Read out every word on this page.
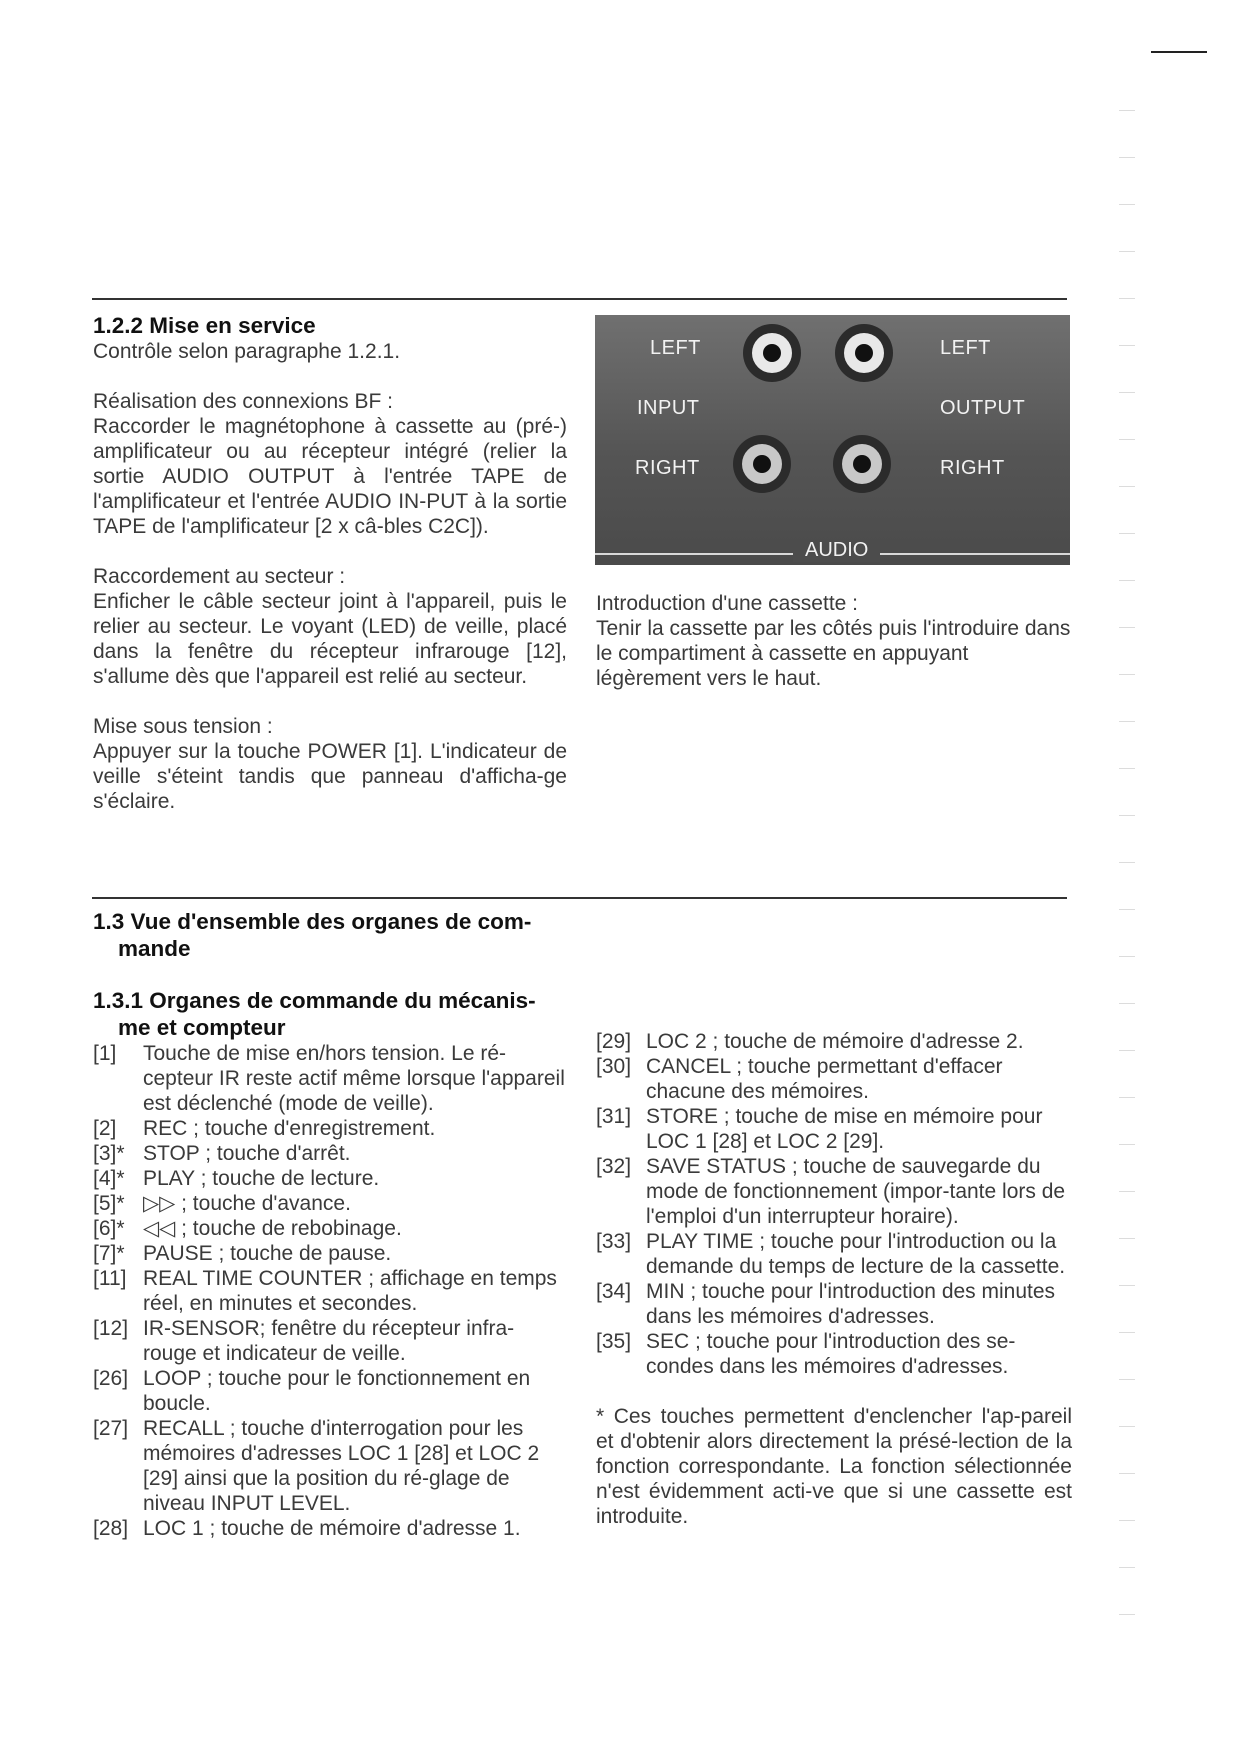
1.2.2 Mise en service

Contrôle selon paragraphe 1.2.1.

Réalisation des connexions BF :

Raccorder le magnétophone à cassette au (pré-) amplificateur ou au récepteur intégré (relier la sortie AUDIO OUTPUT à l'entrée TAPE de l'amplificateur et l'entrée AUDIO IN-PUT à la sortie TAPE de l'amplificateur [2 x câ-bles C2C]).

Raccordement au secteur :

Enficher le câble secteur joint à l'appareil, puis le relier au secteur. Le voyant (LED) de veille, placé dans la fenêtre du récepteur infrarouge [12], s'allume dès que l'appareil est relié au secteur.

Mise sous tension :

Appuyer sur la touche POWER [1]. L'indicateur de veille s'éteint tandis que panneau d'afficha-ge s'éclaire.

LEFT
INPUT
RIGHT
LEFT
OUTPUT
RIGHT
AUDIO

Introduction d'une cassette :

Tenir la cassette par les côtés puis l'introduire dans le compartiment à cassette en appuyant légèrement vers le haut.

1.3 Vue d'ensemble des organes de com-mande
1.3.1 Organes de commande du mécanis-me et compteur
[1]	Touche de mise en/hors tension. Le ré-cepteur IR reste actif même lorsque l'appareil est déclenché (mode de veille).
[2]	REC ; touche d'enregistrement.
[3]* STOP ; touche d'arrêt.
[4]* PLAY ; touche de lecture.
[5]* ▷▷ ; touche d'avance.
[6]* ◁◁ ; touche de rebobinage.
[7]* PAUSE ; touche de pause.
[11] REAL TIME COUNTER ; affichage en temps réel, en minutes et secondes.
[12] IR-SENSOR; fenêtre du récepteur infra-rouge et indicateur de veille.
[26] LOOP ; touche pour le fonctionnement en boucle.
[27] RECALL ; touche d'interrogation pour les mémoires d'adresses LOC 1 [28] et LOC 2 [29] ainsi que la position du ré-glage de niveau INPUT LEVEL.
[28] LOC 1 ; touche de mémoire d'adresse 1.
[29] LOC 2 ; touche de mémoire d'adresse 2.
[30] CANCEL ; touche permettant d'effacer chacune des mémoires.
[31] STORE ; touche de mise en mémoire pour LOC 1 [28] et LOC 2 [29].
[32] SAVE STATUS ; touche de sauvegarde du mode de fonctionnement (impor-tante lors de l'emploi d'un interrupteur horaire).
[33] PLAY TIME ; touche pour l'introduction ou la demande du temps de lecture de la cassette.
[34] MIN ; touche pour l'introduction des minutes dans les mémoires d'adresses.
[35] SEC ; touche pour l'introduction des se-condes dans les mémoires d'adresses.

* Ces touches permettent d'enclencher l'ap-pareil et d'obtenir alors directement la présé-lection de la fonction correspondante. La fonction sélectionnée n'est évidemment acti-ve que si une cassette est introduite.
